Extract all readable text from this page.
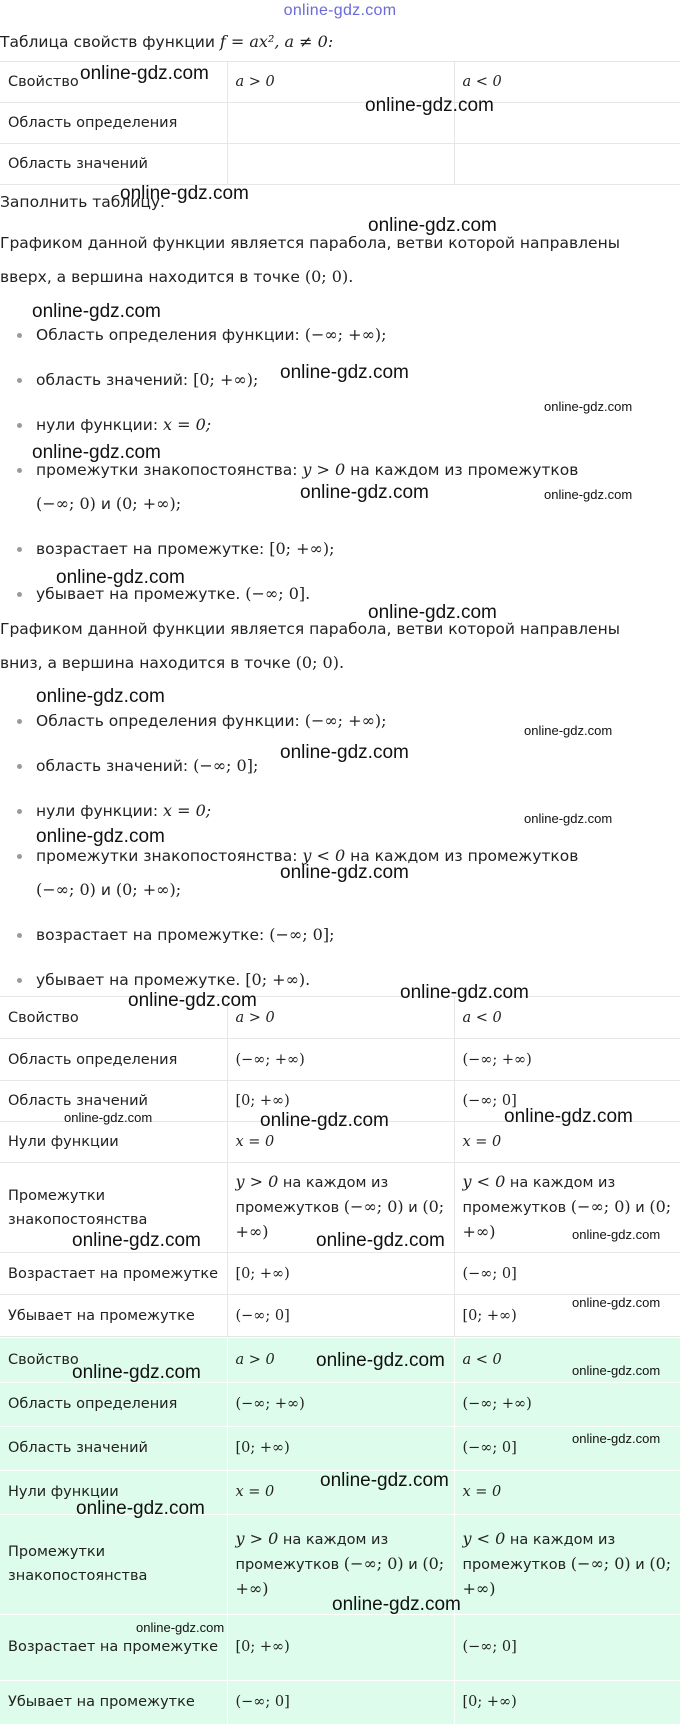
online-gdz.com
Таблица свойств функции f = ax², a ≠ 0:
Свойство	a > 0	a < 0
Область определения		
Область значений		
Заполнить таблицу.
Графиком данной функции является парабола, ветви которой направлены
вверх, а вершина находится в точке (0; 0).
Область определения функции: (−∞; +∞);
область значений: [0; +∞);
нули функции: x = 0;
промежутки знакопостоянства: y > 0 на каждом из промежутков
(−∞; 0) и (0; +∞);
возрастает на промежутке: [0; +∞);
убывает на промежутке. (−∞; 0].
Графиком данной функции является парабола, ветви которой направлены
вниз, а вершина находится в точке (0; 0).
Область определения функции: (−∞; +∞);
область значений: (−∞; 0];
нули функции: x = 0;
промежутки знакопостоянства: y < 0 на каждом из промежутков
(−∞; 0) и (0; +∞);
возрастает на промежутке: (−∞; 0];
убывает на промежутке. [0; +∞).
Свойство	a > 0	a < 0
Область определения	(−∞; +∞)	(−∞; +∞)
Область значений	[0; +∞)	(−∞; 0]
Нули функции	x = 0	x = 0
Промежутки знакопостоянства	y > 0 на каждом из промежутков (−∞; 0) и (0; +∞)	y < 0 на каждом из промежутков (−∞; 0) и (0; +∞)
Возрастает на промежутке	[0; +∞)	(−∞; 0]
Убывает на промежутке	(−∞; 0]	[0; +∞)
Свойство	a > 0	a < 0
Область определения	(−∞; +∞)	(−∞; +∞)
Область значений	[0; +∞)	(−∞; 0]
Нули функции	x = 0	x = 0
Промежутки знакопостоянства	y > 0 на каждом из промежутков (−∞; 0) и (0; +∞)	y < 0 на каждом из промежутков (−∞; 0) и (0; +∞)
Возрастает на промежутке	[0; +∞)	(−∞; 0]
Убывает на промежутке	(−∞; 0]	[0; +∞)
online-gdz.com
online-gdz.com
online-gdz.com
online-gdz.com
online-gdz.com
online-gdz.com
online-gdz.com
online-gdz.com
online-gdz.com	online-gdz.com
online-gdz.com
online-gdz.com
online-gdz.com
online-gdz.com
online-gdz.com
online-gdz.com
online-gdz.com
online-gdz.com
online-gdz.com
online-gdz.com
online-gdz.com	online-gdz.com	online-gdz.com
online-gdz.com	online-gdz.com	online-gdz.com
online-gdz.com
online-gdz.com
online-gdz.com	online-gdz.com
online-gdz.com
online-gdz.com
online-gdz.com
online-gdz.com
online-gdz.com
